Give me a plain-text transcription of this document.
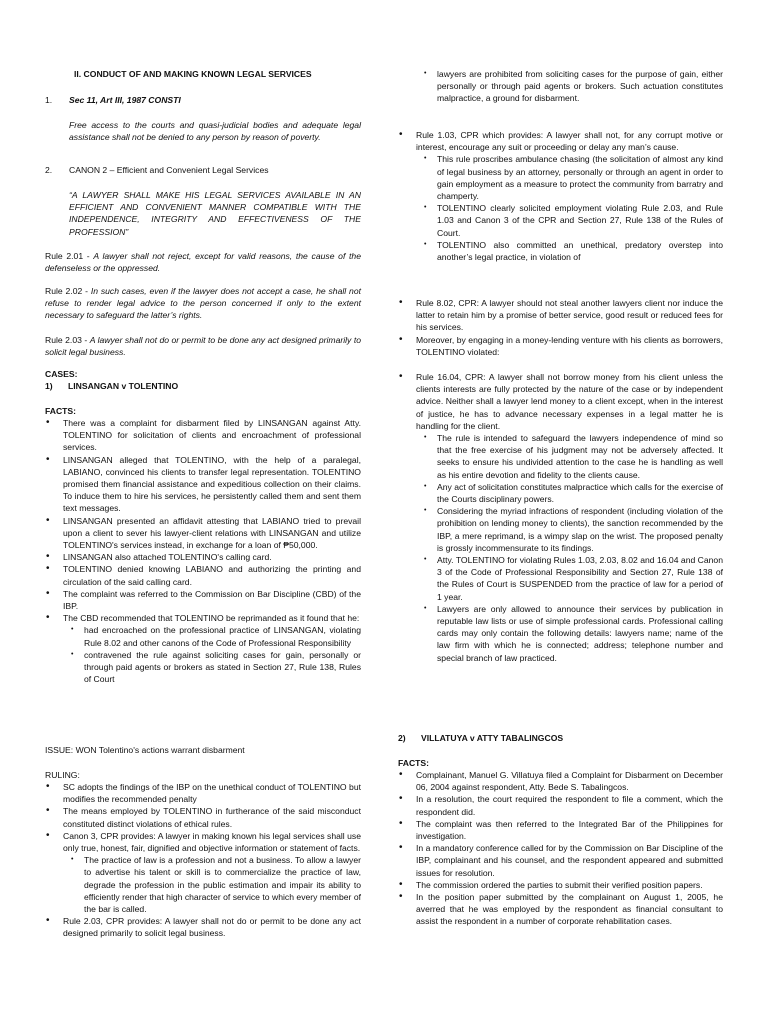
II. CONDUCT OF AND MAKING KNOWN LEGAL SERVICES
1. Sec 11, Art III, 1987 CONSTI

Free access to the courts and quasi-judicial bodies and adequate legal assistance shall not be denied to any person by reason of poverty.

2. CANON 2 – Efficient and Convenient Legal Services

“A LAWYER SHALL MAKE HIS LEGAL SERVICES AVAILABLE IN AN EFFICIENT AND CONVENIENT MANNER COMPATIBLE WITH THE INDEPENDENCE, INTEGRITY AND EFFECTIVENESS OF THE PROFESSION”

Rule 2.01 - A lawyer shall not reject, except for valid reasons, the cause of the defenseless or the oppressed.

Rule 2.02 - In such cases, even if the lawyer does not accept a case, he shall not refuse to render legal advice to the person concerned if only to the extent necessary to safeguard the latter’s rights.

Rule 2.03 - A lawyer shall not do or permit to be done any act designed primarily to solicit legal business.

CASES:
1) LINSANGAN v TOLENTINO
FACTS:
• There was a complaint for disbarment filed by LINSANGAN against Atty. TOLENTINO for solicitation of clients and encroachment of professional services.
• LINSANGAN alleged that TOLENTINO, with the help of a paralegal, LABIANO, convinced his clients to transfer legal representation. TOLENTINO promised them financial assistance and expeditious collection on their claims. To induce them to hire his services, he persistently called them and sent them text messages.
• LINSANGAN presented an affidavit attesting that LABIANO tried to prevail upon a client to sever his lawyer-client relations with LINSANGAN and utilize TOLENTINO's services instead, in exchange for a loan of ₱50,000.
• LINSANGAN also attached TOLENTINO's calling card.
• TOLENTINO denied knowing LABIANO and authorizing the printing and circulation of the said calling card.
• The complaint was referred to the Commission on Bar Discipline (CBD) of the IBP.
• The CBD recommended that TOLENTINO be reprimanded as it found that he:
• had encroached on the professional practice of LINSANGAN, violating Rule 8.02 and other canons of the Code of Professional Responsibility
• contravened the rule against soliciting cases for gain, personally or through paid agents or brokers as stated in Section 27, Rule 138, Rules of Court
ISSUE: WON Tolentino's actions warrant disbarment
RULING:
• SC adopts the findings of the IBP on the unethical conduct of TOLENTINO but modifies the recommended penalty
• The means employed by TOLENTINO in furtherance of the said misconduct constituted distinct violations of ethical rules.
• Canon 3, CPR provides: A lawyer in making known his legal services shall use only true, honest, fair, dignified and objective information or statement of facts.
• The practice of law is a profession and not a business. To allow a lawyer to advertise his talent or skill is to commercialize the practice of law, degrade the profession in the public estimation and impair its ability to efficiently render that high character of service to which every member of the bar is called.
• Rule 2.03, CPR provides: A lawyer shall not do or permit to be done any act designed primarily to solicit legal business.
• lawyers are prohibited from soliciting cases for the purpose of gain, either personally or through paid agents or brokers. Such actuation constitutes malpractice, a ground for disbarment.
• Rule 1.03, CPR which provides: A lawyer shall not, for any corrupt motive or interest, encourage any suit or proceeding or delay any man’s cause.
• This rule proscribes ambulance chasing (the solicitation of almost any kind of legal business by an attorney, personally or through an agent in order to gain employment as a measure to protect the community from barratry and champerty.
• TOLENTINO clearly solicited employment violating Rule 2.03, and Rule 1.03 and Canon 3 of the CPR and Section 27, Rule 138 of the Rules of Court.
• TOLENTINO also committed an unethical, predatory overstep into another’s legal practice, in violation of
• Rule 8.02, CPR: A lawyer should not steal another lawyers client nor induce the latter to retain him by a promise of better service, good result or reduced fees for his services.
• Moreover, by engaging in a money-lending venture with his clients as borrowers, TOLENTINO violated:
• Rule 16.04, CPR: A lawyer shall not borrow money from his client unless the clients interests are fully protected by the nature of the case or by independent advice. Neither shall a lawyer lend money to a client except, when in the interest of justice, he has to advance necessary expenses in a legal matter he is handling for the client.
• The rule is intended to safeguard the lawyers independence of mind so that the free exercise of his judgment may not be adversely affected. It seeks to ensure his undivided attention to the case he is handling as well as his entire devotion and fidelity to the clients cause.
• Any act of solicitation constitutes malpractice which calls for the exercise of the Courts disciplinary powers.
• Considering the myriad infractions of respondent (including violation of the prohibition on lending money to clients), the sanction recommended by the IBP, a mere reprimand, is a wimpy slap on the wrist. The proposed penalty is grossly incommensurate to its findings.
• Atty. TOLENTINO for violating Rules 1.03, 2.03, 8.02 and 16.04 and Canon 3 of the Code of Professional Responsibility and Section 27, Rule 138 of the Rules of Court is SUSPENDED from the practice of law for a period of 1 year.
• Lawyers are only allowed to announce their services by publication in reputable law lists or use of simple professional cards. Professional calling cards may only contain the following details: lawyers name; name of the law firm with which he is connected; address; telephone number and special branch of law practiced.
2) VILLATUYA v ATTY TABALINGCOS
FACTS:
• Complainant, Manuel G. Villatuya filed a Complaint for Disbarment on December 06, 2004 against respondent, Atty. Bede S. Tabalingcos.
• In a resolution, the court required the respondent to file a comment, which the respondent did.
• The complaint was then referred to the Integrated Bar of the Philippines for investigation.
• In a mandatory conference called for by the Commission on Bar Discipline of the IBP, complainant and his counsel, and the respondent appeared and submitted issues for resolution.
• The commission ordered the parties to submit their verified position papers.
• In the position paper submitted by the complainant on August 1, 2005, he averred that he was employed by the respondent as financial consultant to assist the respondent in a number of corporate rehabilitation cases.
